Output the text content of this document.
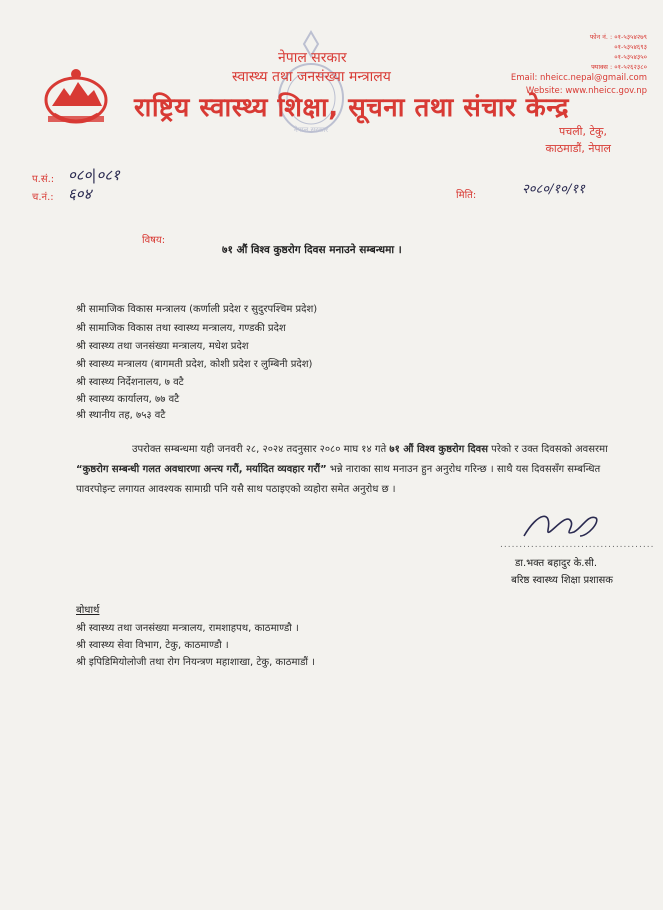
नेपाल सरकार
नेपाल सरकार
स्वास्थ्य तथा जनसंख्या मन्त्रालय
राष्ट्रिय स्वास्थ्य शिक्षा, सूचना तथा संचार केन्द्र
फोन नं. : ०१-५३५४२७९
०१-५३५४६९३
०१-५३५४३५०
फ्याक्स : ०१-५२६२३८०
Email: nheicc.nepal@gmail.com
Website: www.nheicc.gov.np
पचली, टेकु,
काठमाडौं, नेपाल
प.सं.: ०८०|०८१
च.नं.: ६०४	मिति:	२०८०/१०/११
विषय:
७१ औं विश्व कुष्ठरोग दिवस मनाउने सम्बन्धमा ।
श्री सामाजिक विकास मन्त्रालय (कर्णाली प्रदेश र सुदुरपश्चिम प्रदेश)
श्री सामाजिक विकास तथा स्वास्थ्य मन्त्रालय, गण्डकी प्रदेश
श्री स्वास्थ्य तथा जनसंख्या मन्त्रालय, मधेश प्रदेश
श्री स्वास्थ्य मन्त्रालय (बागमती प्रदेश, कोशी प्रदेश र लुम्बिनी प्रदेश)
श्री स्वास्थ्य निर्देशनालय, ७ वटै
श्री स्वास्थ्य कार्यालय, ७७ वटै
श्री स्थानीय तह, ७५३ वटै
उपरोक्त सम्बन्धमा यही जनवरी २८, २०२४ तदनुसार २०८० माघ १४ गते ७१ औं विश्व कुष्ठरोग दिवस परेको र उक्त दिवसको अवसरमा “कुष्ठरोग सम्बन्धी गलत अवधारणा अन्त्य गरौं, मर्यादित व्यवहार गरौं” भन्ने नाराका साथ मनाउन हुन अनुरोध गरिन्छ । साथै यस दिवससँग सम्बन्धित पावरपोइन्ट लगायत आवश्यक सामाग्री पनि यसै साथ पठाइएको व्यहोरा समेत अनुरोध छ ।
........................................
डा.भक्त बहादुर के.सी.
बरिष्ठ स्वास्थ्य शिक्षा प्रशासक
बोधार्थ
श्री स्वास्थ्य तथा जनसंख्या मन्त्रालय, रामशाहपथ, काठमाण्डौ ।
श्री स्वास्थ्य सेवा विभाग, टेकु, काठमाण्डौ ।
श्री इपिडिमियोलोजी तथा रोग नियन्त्रण महाशाखा, टेकु, काठमाडौं ।
